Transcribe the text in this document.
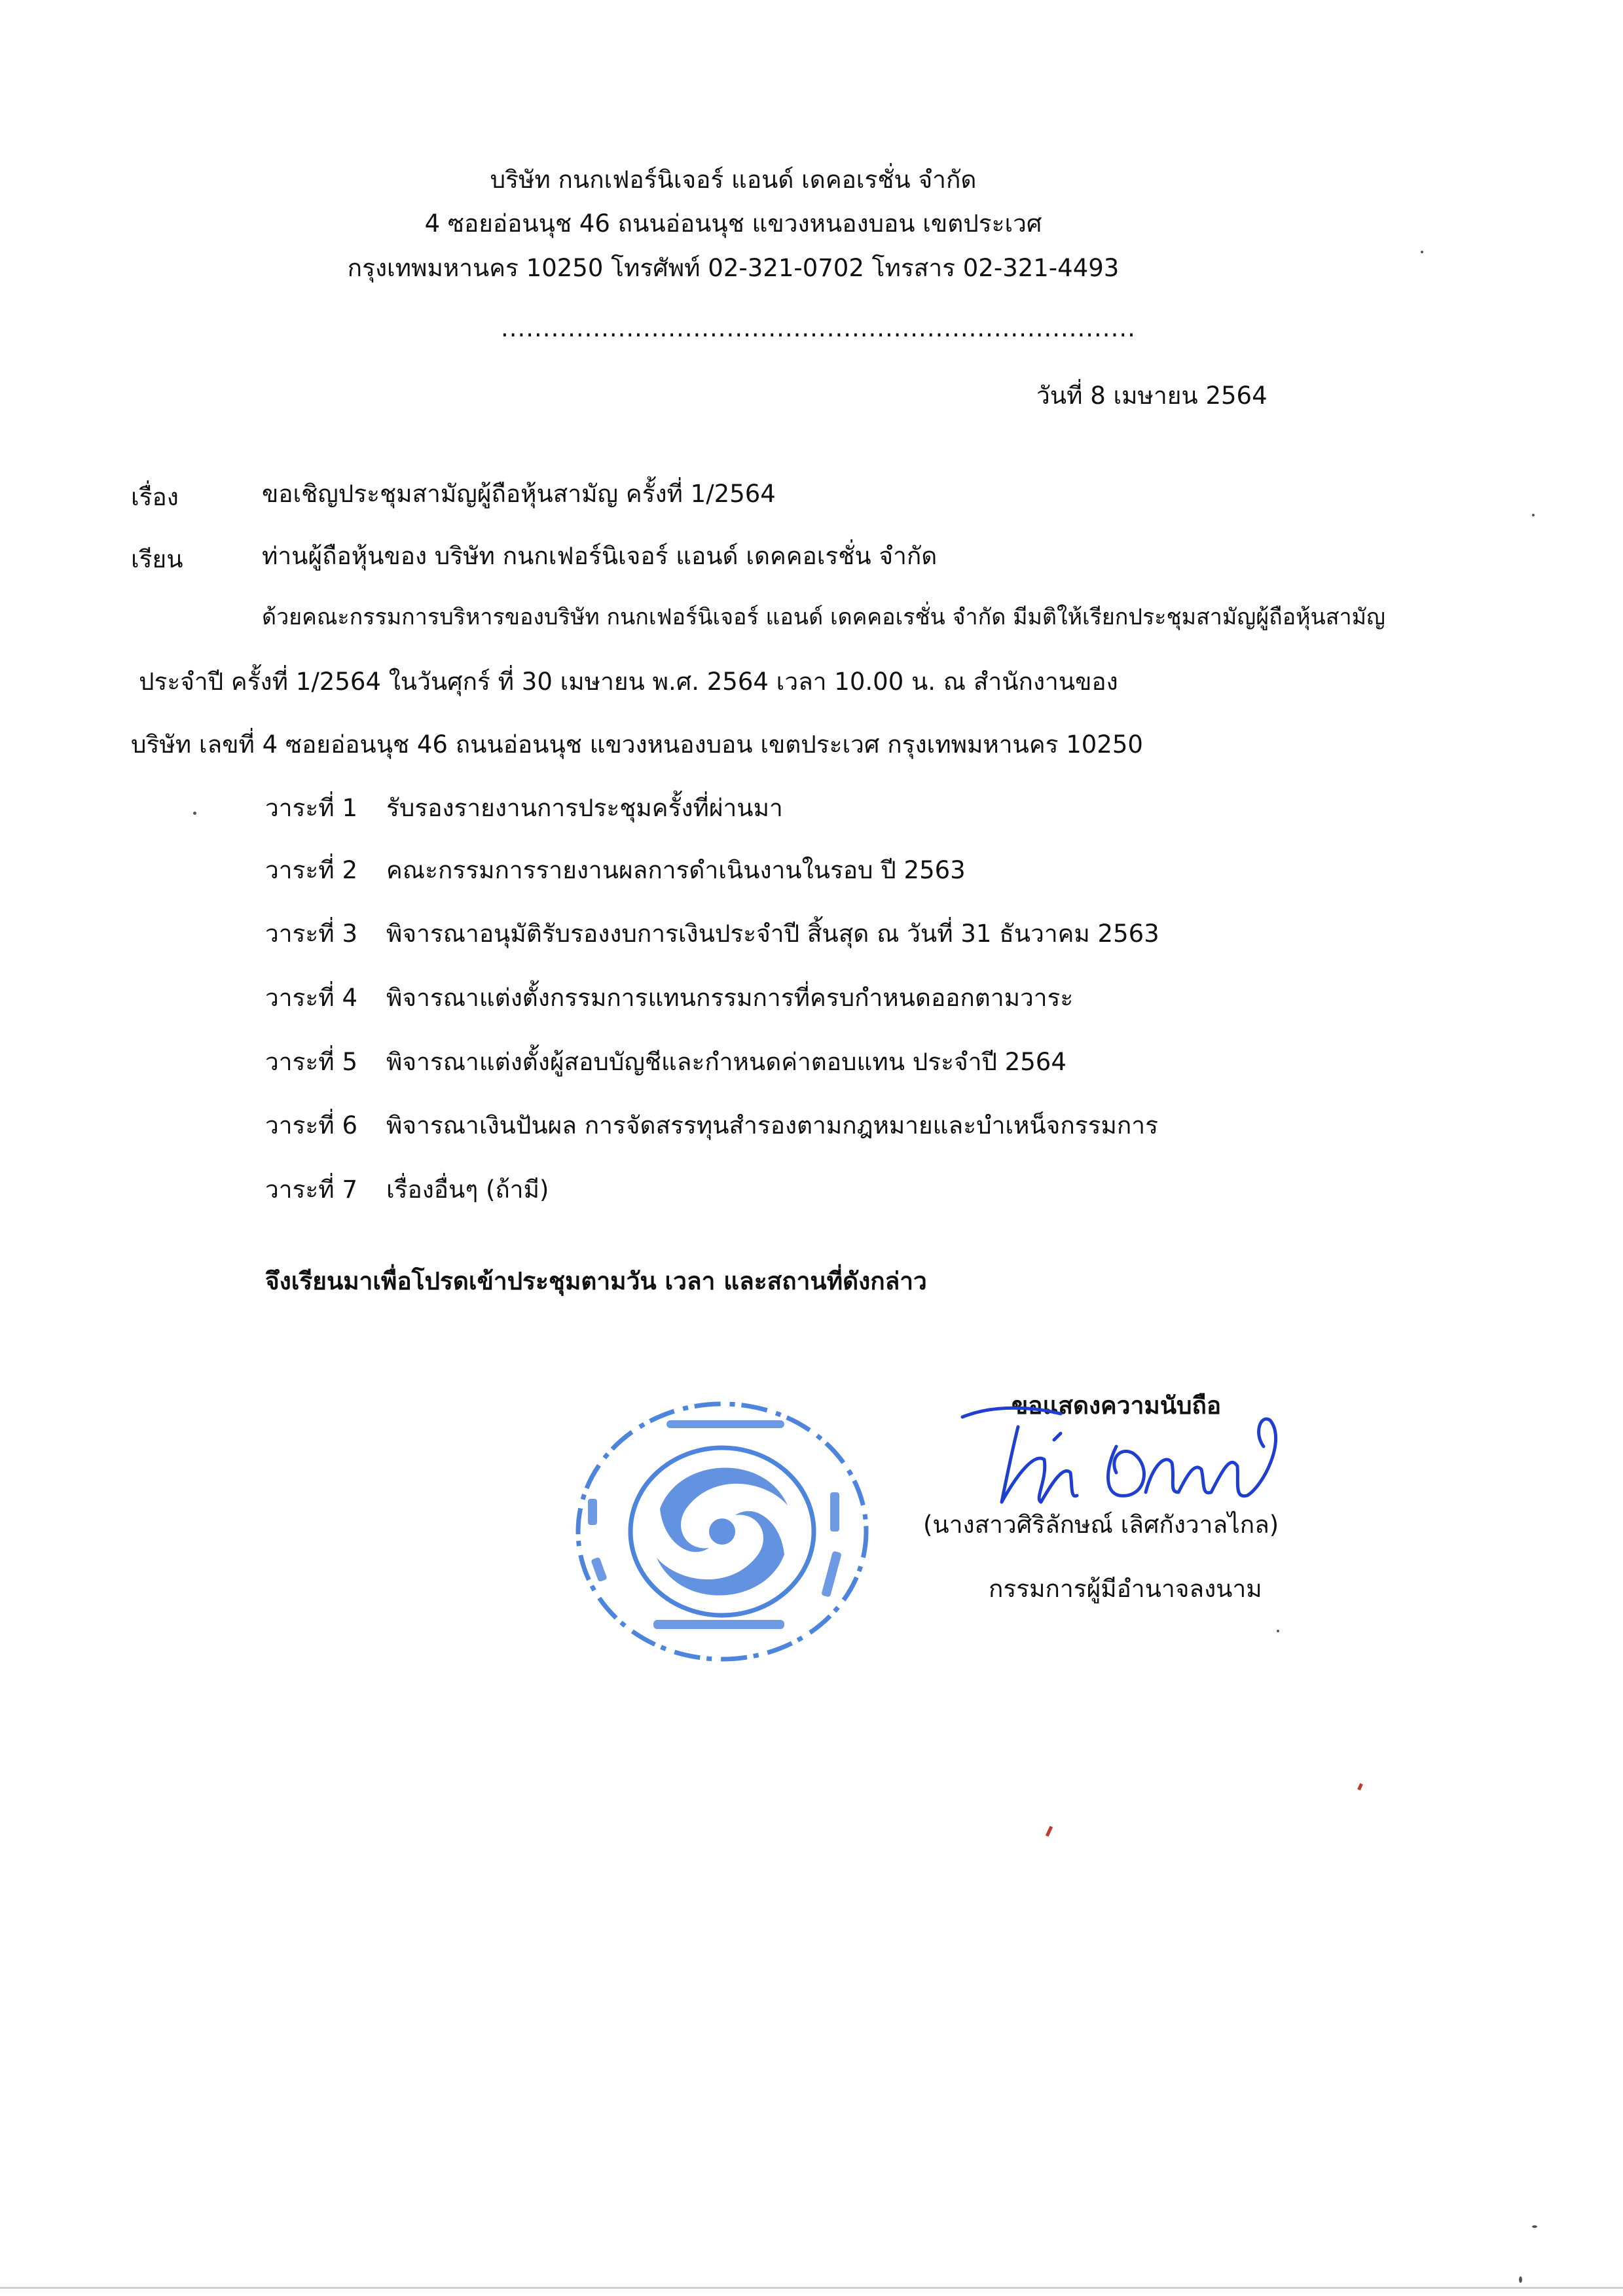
บริษัท กนกเฟอร์นิเจอร์ แอนด์ เดคอเรชั่น จำกัด
4 ซอยอ่อนนุช 46 ถนนอ่อนนุช แขวงหนองบอน เขตประเวศ
กรุงเทพมหานคร 10250 โทรศัพท์ 02-321-0702 โทรสาร 02-321-4493
............................................................................
วันที่ 8 เมษายน 2564
เรื่อง	ขอเชิญประชุมสามัญผู้ถือหุ้นสามัญ ครั้งที่ 1/2564
เรียน	ท่านผู้ถือหุ้นของ บริษัท กนกเฟอร์นิเจอร์ แอนด์ เดคคอเรชั่น จำกัด
ด้วยคณะกรรมการบริหารของบริษัท กนกเฟอร์นิเจอร์ แอนด์ เดคคอเรชั่น จำกัด มีมติให้เรียกประชุมสามัญผู้ถือหุ้นสามัญ
ประจำปี ครั้งที่ 1/2564 ในวันศุกร์ ที่ 30 เมษายน พ.ศ. 2564 เวลา 10.00 น. ณ สำนักงานของ
บริษัท เลขที่ 4 ซอยอ่อนนุช 46 ถนนอ่อนนุช แขวงหนองบอน เขตประเวศ กรุงเทพมหานคร 10250
วาระที่ 1 รับรองรายงานการประชุมครั้งที่ผ่านมา
วาระที่ 2 คณะกรรมการรายงานผลการดำเนินงานในรอบ ปี 2563
วาระที่ 3 พิจารณาอนุมัติรับรองงบการเงินประจำปี สิ้นสุด ณ วันที่ 31 ธันวาคม 2563
วาระที่ 4 พิจารณาแต่งตั้งกรรมการแทนกรรมการที่ครบกำหนดออกตามวาระ
วาระที่ 5 พิจารณาแต่งตั้งผู้สอบบัญชีและกำหนดค่าตอบแทน ประจำปี 2564
วาระที่ 6 พิจารณาเงินปันผล การจัดสรรทุนสำรองตามกฎหมายและบำเหน็จกรรมการ
วาระที่ 7 เรื่องอื่นๆ (ถ้ามี)
จึงเรียนมาเพื่อโปรดเข้าประชุมตามวัน เวลา และสถานที่ดังกล่าว
ขอแสดงความนับถือ
(นางสาวศิริลักษณ์ เลิศกังวาลไกล)
กรรมการผู้มีอำนาจลงนาม
